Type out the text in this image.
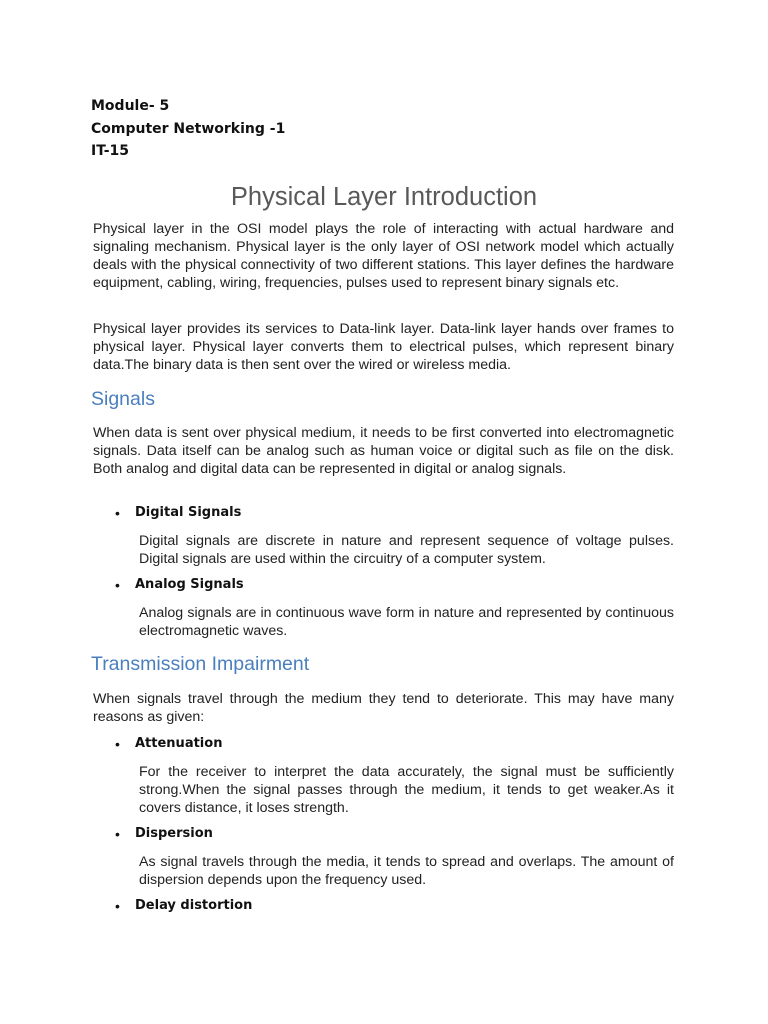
Module- 5
Computer Networking -1
IT-15
Physical Layer Introduction
Physical layer in the OSI model plays the role of interacting with actual hardware and signaling mechanism. Physical layer is the only layer of OSI network model which actually deals with the physical connectivity of two different stations. This layer defines the hardware equipment, cabling, wiring, frequencies, pulses used to represent binary signals etc.
Physical layer provides its services to Data-link layer. Data-link layer hands over frames to physical layer. Physical layer converts them to electrical pulses, which represent binary data.The binary data is then sent over the wired or wireless media.
Signals
When data is sent over physical medium, it needs to be first converted into electromagnetic signals. Data itself can be analog such as human voice or digital such as file on the disk. Both analog and digital data can be represented in digital or analog signals.
• Digital Signals
Digital signals are discrete in nature and represent sequence of voltage pulses. Digital signals are used within the circuitry of a computer system.
• Analog Signals
Analog signals are in continuous wave form in nature and represented by continuous electromagnetic waves.
Transmission Impairment
When signals travel through the medium they tend to deteriorate. This may have many reasons as given:
• Attenuation
For the receiver to interpret the data accurately, the signal must be sufficiently strong.When the signal passes through the medium, it tends to get weaker.As it covers distance, it loses strength.
• Dispersion
As signal travels through the media, it tends to spread and overlaps. The amount of dispersion depends upon the frequency used.
• Delay distortion
